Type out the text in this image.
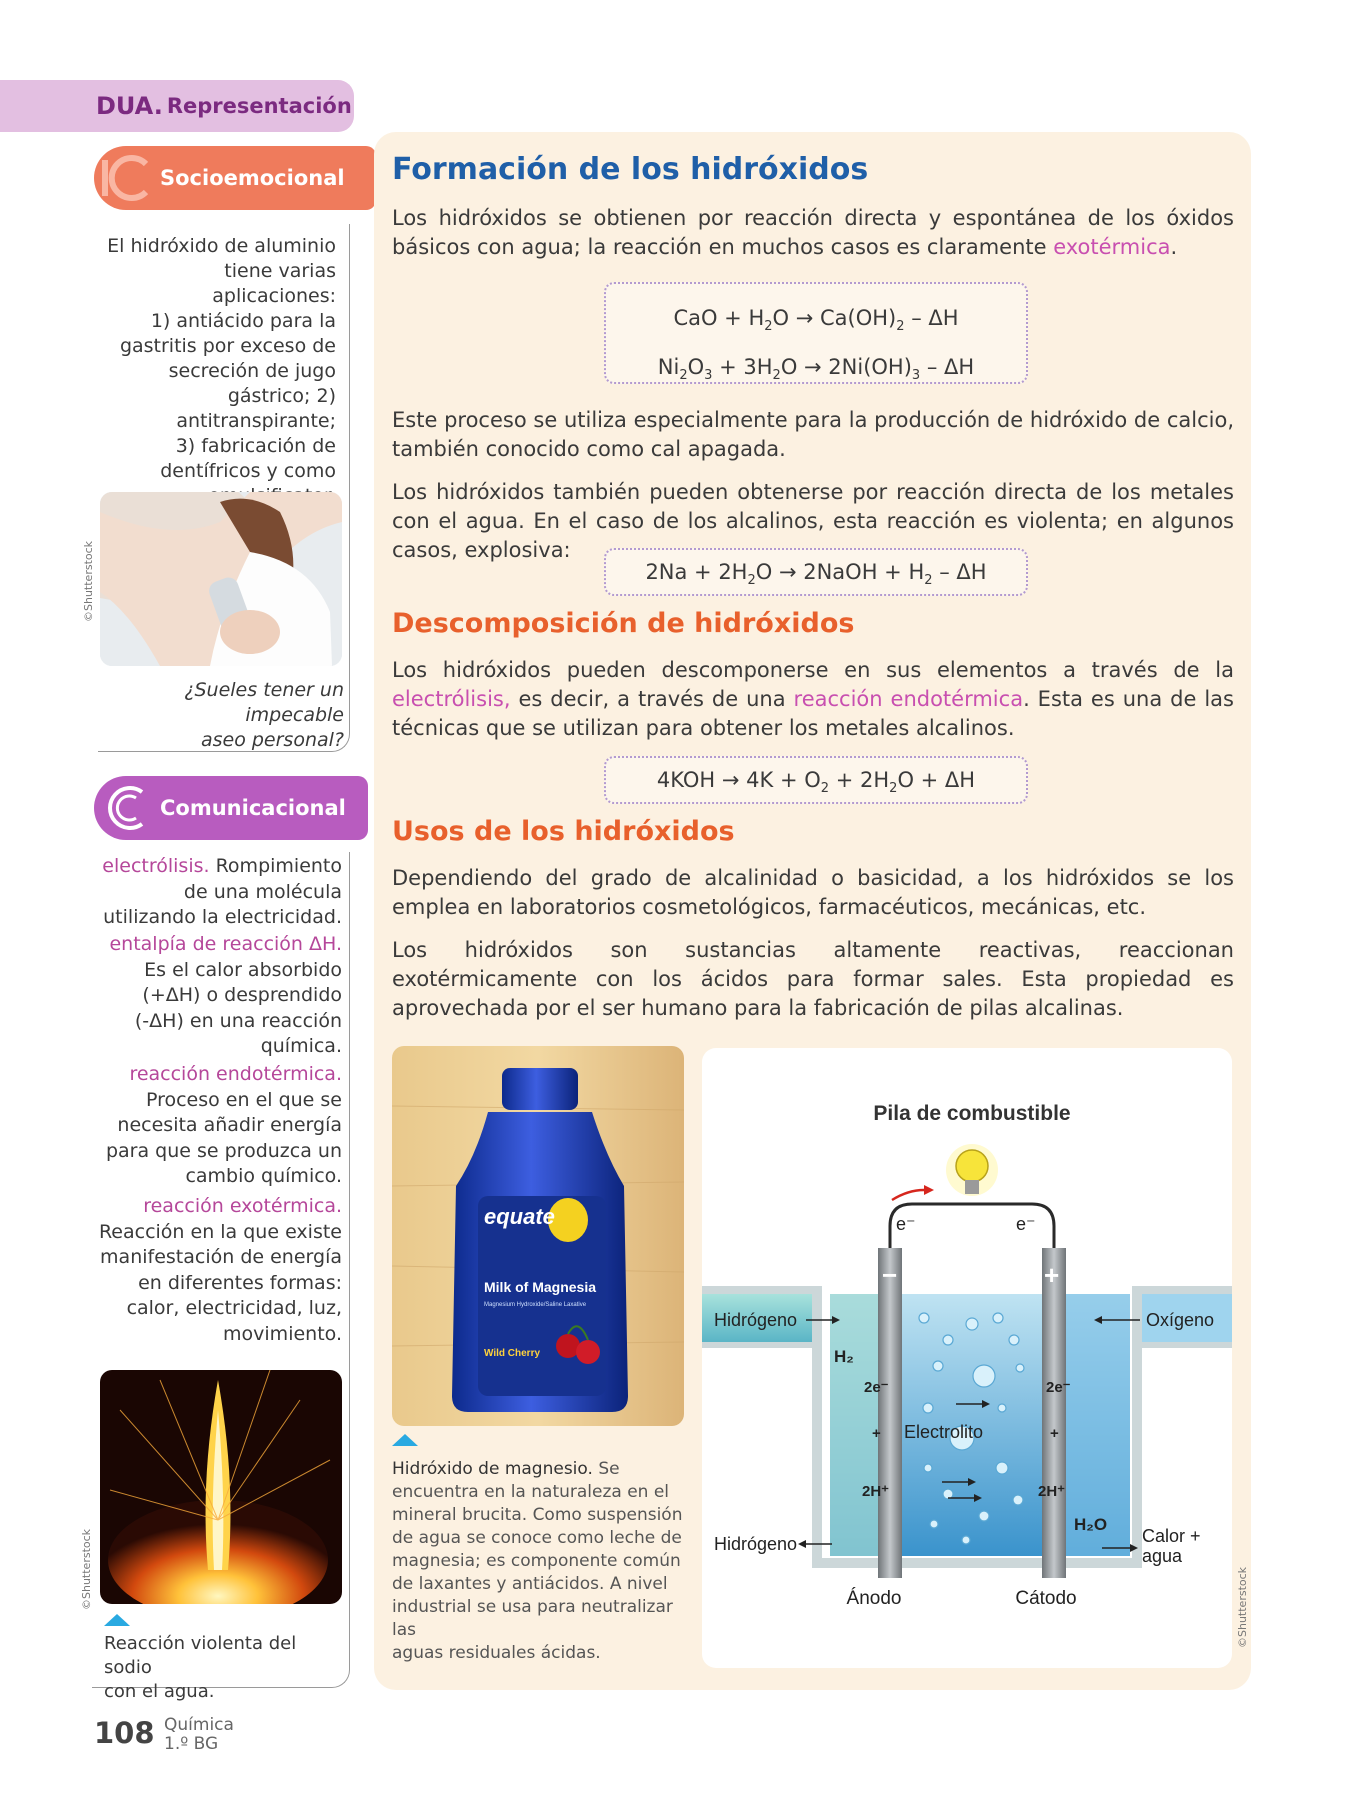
DUA. Representación
Socioemocional
El hidróxido de aluminio
tiene varias aplicaciones:
1) antiácido para la
gastritis por exceso de
secreción de jugo
gástrico; 2)
antitranspirante;
3) fabricación de
dentífricos y como
©Shutterstock
¿Sueles tener un impecable
aseo personal?
Comunicacional
electrólisis. Rompimiento
de una molécula
utilizando la electricidad.
entalpía de reacción ΔH.
Es el calor absorbido
(+ΔH) o desprendido
(-ΔH) en una reacción
química.
reacción endotérmica.
Proceso en el que se
necesita añadir energía
para que se produzca un
cambio químico.
reacción exotérmica.
Reacción en la que existe
manifestación de energía
en diferentes formas:
calor, electricidad, luz,
movimiento.
©Shutterstock
Reacción violenta del sodio
con el agua.
Formación de los hidróxidos
Los hidróxidos se obtienen por reacción directa y espontánea de los óxidos básicos con agua; la reacción en muchos casos es claramente exotérmica.
CaO + $H_2O \to Ca(OH)_2 - \Delta H$
$Ni_2O_3 + 3H_2O \to 2Ni(OH)_3 - \Delta H$
Este proceso se utiliza especialmente para la producción de hidróxido de calcio, también conocido como cal apagada.
Los hidróxidos también pueden obtenerse por reacción directa de los metales con el agua. En el caso de los alcalinos, esta reacción es violenta; en algunos casos, explosiva:
$2Na + 2H_2O$ → 2NaOH + $H_2$ – ΔH
Descomposición de hidróxidos
Los hidróxidos pueden descomponerse en sus elementos a través de la electrólisis, es decir, a través de una reacción endotérmica. Esta es una de las técnicas que se utilizan para obtener los metales alcalinos.
$4KOH \to 4K + O_2 + 2H_2O + \Delta H$
Usos de los hidróxidos
Dependiendo del grado de alcalinidad o basicidad, a los hidróxidos se los emplea en laboratorios cosmetológicos, farmacéuticos, mecánicas, etc.
Los hidróxidos son sustancias altamente reactivas, reaccionan exotérmicamente con los ácidos para formar sales. Esta propiedad es aprovechada por el ser humano para la fabricación de pilas alcalinas.
equate
Milk of Magnesia
Magnesium Hydroxide/Saline Laxative
Wild Cherry
Hidróxido de magnesio. Se
encuentra en la naturaleza en el
mineral brucita. Como suspensión
de agua se conoce como leche de
magnesia; es componente común
de laxantes y antiácidos. A nivel
industrial se usa para neutralizar las
aguas residuales ácidas.
Pila de combustible
e⁻	e⁻
−	+
Hidrógeno	Oxígeno
H₂
2e⁻	2e⁻
Electrolito
+	+
2H⁺	2H⁺
H₂O
Hidrógeno	Calor +
agua
Ánodo	Cátodo	©Shutterstock
108 Química
1.º BG
